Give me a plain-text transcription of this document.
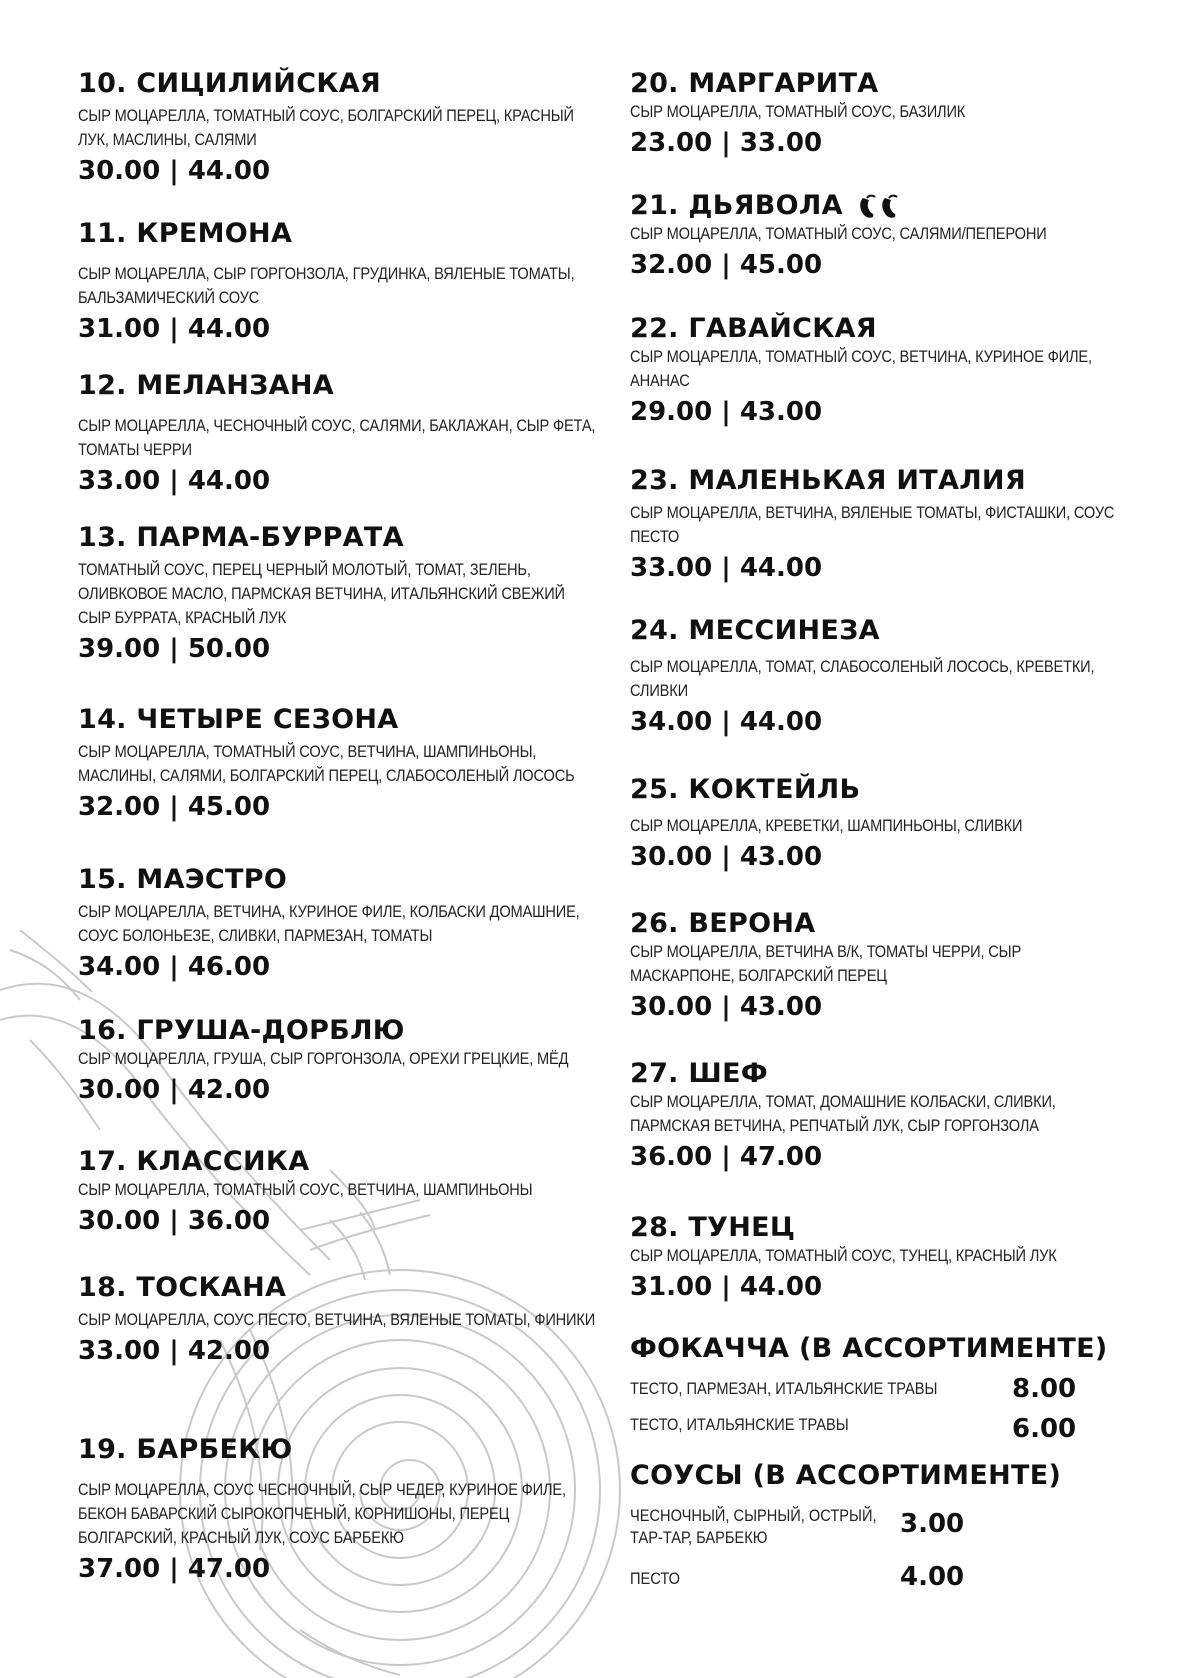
10. СИЦИЛИЙСКАЯ
СЫР МОЦАРЕЛЛА, ТОМАТНЫЙ СОУС, БОЛГАРСКИЙ ПЕРЕЦ, КРАСНЫЙ ЛУК, МАСЛИНЫ, САЛЯМИ
30.00 | 44.00
11. КРЕМОНА
СЫР МОЦАРЕЛЛА, СЫР ГОРГОНЗОЛА, ГРУДИНКА, ВЯЛЕНЫЕ ТОМАТЫ, БАЛЬЗАМИЧЕСКИЙ СОУС
31.00 | 44.00
12. МЕЛАНЗАНА
СЫР МОЦАРЕЛЛА, ЧЕСНОЧНЫЙ СОУС, САЛЯМИ, БАКЛАЖАН, СЫР ФЕТА, ТОМАТЫ ЧЕРРИ
33.00 | 44.00
13. ПАРМА-БУРРАТА
ТОМАТНЫЙ СОУС, ПЕРЕЦ ЧЕРНЫЙ МОЛОТЫЙ, ТОМАТ, ЗЕЛЕНЬ, ОЛИВКОВОЕ МАСЛО, ПАРМСКАЯ ВЕТЧИНА, ИТАЛЬЯНСКИЙ СВЕЖИЙ СЫР БУРРАТА, КРАСНЫЙ ЛУК
39.00 | 50.00
14. ЧЕТЫРЕ СЕЗОНА
СЫР МОЦАРЕЛЛА, ТОМАТНЫЙ СОУС, ВЕТЧИНА, ШАМПИНЬОНЫ, МАСЛИНЫ, САЛЯМИ, БОЛГАРСКИЙ ПЕРЕЦ, СЛАБОСОЛЕНЫЙ ЛОСОСЬ
32.00 | 45.00
15. МАЭСТРО
СЫР МОЦАРЕЛЛА, ВЕТЧИНА, КУРИНОЕ ФИЛЕ, КОЛБАСКИ ДОМАШНИЕ, СОУС БОЛОНЬЕЗЕ, СЛИВКИ, ПАРМЕЗАН, ТОМАТЫ
34.00 | 46.00
16. ГРУША-ДОРБЛЮ
СЫР МОЦАРЕЛЛА, ГРУША, СЫР ГОРГОНЗОЛА, ОРЕХИ ГРЕЦКИЕ, МЁД
30.00 | 42.00
17. КЛАССИКА
СЫР МОЦАРЕЛЛА, ТОМАТНЫЙ СОУС, ВЕТЧИНА, ШАМПИНЬОНЫ
30.00 | 36.00
18. ТОСКАНА
СЫР МОЦАРЕЛЛА, СОУС ПЕСТО, ВЕТЧИНА, ВЯЛЕНЫЕ ТОМАТЫ, ФИНИКИ
33.00 | 42.00
19. БАРБЕКЮ
СЫР МОЦАРЕЛЛА, СОУС ЧЕСНОЧНЫЙ, СЫР ЧЕДЕР, КУРИНОЕ ФИЛЕ, БЕКОН БАВАРСКИЙ СЫРОКОПЧЕНЫЙ, КОРНИШОНЫ, ПЕРЕЦ БОЛГАРСКИЙ, КРАСНЫЙ ЛУК, СОУС БАРБЕКЮ
37.00 | 47.00
20. МАРГАРИТА
СЫР МОЦАРЕЛЛА, ТОМАТНЫЙ СОУС, БАЗИЛИК
23.00 | 33.00
21. ДЬЯВОЛА
СЫР МОЦАРЕЛЛА, ТОМАТНЫЙ СОУС, САЛЯМИ/ПЕПЕРОНИ
32.00 | 45.00
22. ГАВАЙСКАЯ
СЫР МОЦАРЕЛЛА, ТОМАТНЫЙ СОУС, ВЕТЧИНА, КУРИНОЕ ФИЛЕ, АНАНАС
29.00 | 43.00
23. МАЛЕНЬКАЯ ИТАЛИЯ
СЫР МОЦАРЕЛЛА, ВЕТЧИНА, ВЯЛЕНЫЕ ТОМАТЫ, ФИСТАШКИ, СОУС ПЕСТО
33.00 | 44.00
24. МЕССИНЕЗА
СЫР МОЦАРЕЛЛА, ТОМАТ, СЛАБОСОЛЕНЫЙ ЛОСОСЬ, КРЕВЕТКИ, СЛИВКИ
34.00 | 44.00
25. КОКТЕЙЛЬ
СЫР МОЦАРЕЛЛА, КРЕВЕТКИ, ШАМПИНЬОНЫ, СЛИВКИ
30.00 | 43.00
26. ВЕРОНА
СЫР МОЦАРЕЛЛА, ВЕТЧИНА В/К, ТОМАТЫ ЧЕРРИ, СЫР МАСКАРПОНЕ, БОЛГАРСКИЙ ПЕРЕЦ
30.00 | 43.00
27. ШЕФ
СЫР МОЦАРЕЛЛА, ТОМАТ, ДОМАШНИЕ КОЛБАСКИ, СЛИВКИ, ПАРМСКАЯ ВЕТЧИНА, РЕПЧАТЫЙ ЛУК, СЫР ГОРГОНЗОЛА
36.00 | 47.00
28. ТУНЕЦ
СЫР МОЦАРЕЛЛА, ТОМАТНЫЙ СОУС, ТУНЕЦ, КРАСНЫЙ ЛУК
31.00 | 44.00
ФОКАЧЧА (В АССОРТИМЕНТЕ)
ТЕСТО, ПАРМЕЗАН, ИТАЛЬЯНСКИЕ ТРАВЫ	8.00
ТЕСТО, ИТАЛЬЯНСКИЕ ТРАВЫ	6.00
СОУСЫ (В АССОРТИМЕНТЕ)
ЧЕСНОЧНЫЙ, СЫРНЫЙ, ОСТРЫЙ,
ТАР-ТАР, БАРБЕКЮ	3.00
ПЕСТО	4.00
